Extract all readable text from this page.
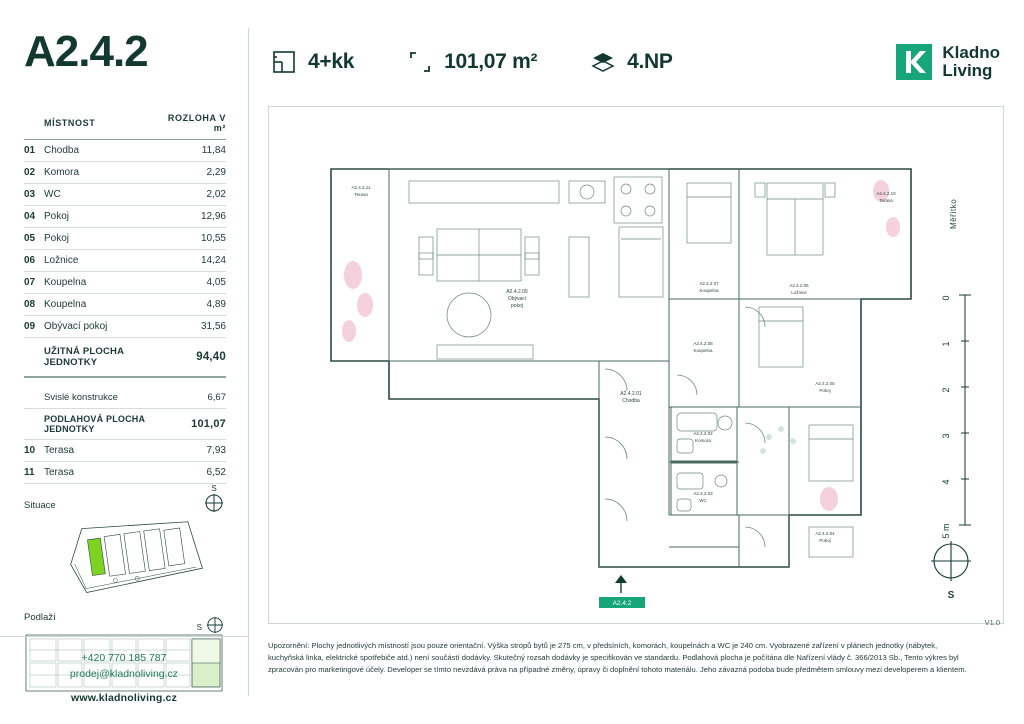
A2.4.2
	MÍSTNOST	ROZLOHA V m²
01	Chodba	11,84
02	Komora	2,29
03	WC	2,02
04	Pokoj	12,96
05	Pokoj	10,55
06	Ložnice	14,24
07	Koupelna	4,05
08	Koupelna	4,89
09	Obývací pokoj	31,56
	UŽITNÁ PLOCHA JEDNOTKY	94,40

	Svislé konstrukce	6,67
	PODLAHOVÁ PLOCHA JEDNOTKY	101,07
10	Terasa	7,93
11	Terasa	6,52
Situace
S
Podlaží
S
+420 770 185 787
prodej@kladnoliving.cz
www.kladnoliving.cz
4+kk	101,07 m²	4.NP	Kladno
Living
A2.4.2.11
Terasa	A2.4.2.10
Terasa
A2.4.2.09
Obývací
pokoj
A2.4.2.07
Koupelna
A2.4.2.06
Ložnice
A2.4.2.08
Koupelna
A2.4.2.01
Chodba
A2.4.2.02
Komora
A2.4.2.03
WC
A2.4.2.05
Pokoj
A2.4.2.04
Pokoj
A2.4.2
Měřítko
0
1
2
3
4
5 m
S
V1.0
Upozornění: Plochy jednotlivých místností jsou pouze orientační. Výška stropů bytů je 275 cm, v předsíních, komorách, koupelnách a WC je 240 cm. Vyobrazené zařízení v plánech jednotky (nábytek, kuchyňská linka, elektrické spotřebiče atd.) není součástí dodávky. Skutečný rozsah dodávky je specifikován ve standardu. Podlahová plocha je počítána dle Nařízení vlády č. 366/2013 Sb., Tento výkres byl zpracován pro marketingové účely. Developer se tímto nevzdává práva na případné změny, úpravy či doplnění tohoto materiálu. Jeho závazná podoba bude předmětem smlouvy mezi developerem a klientem.
